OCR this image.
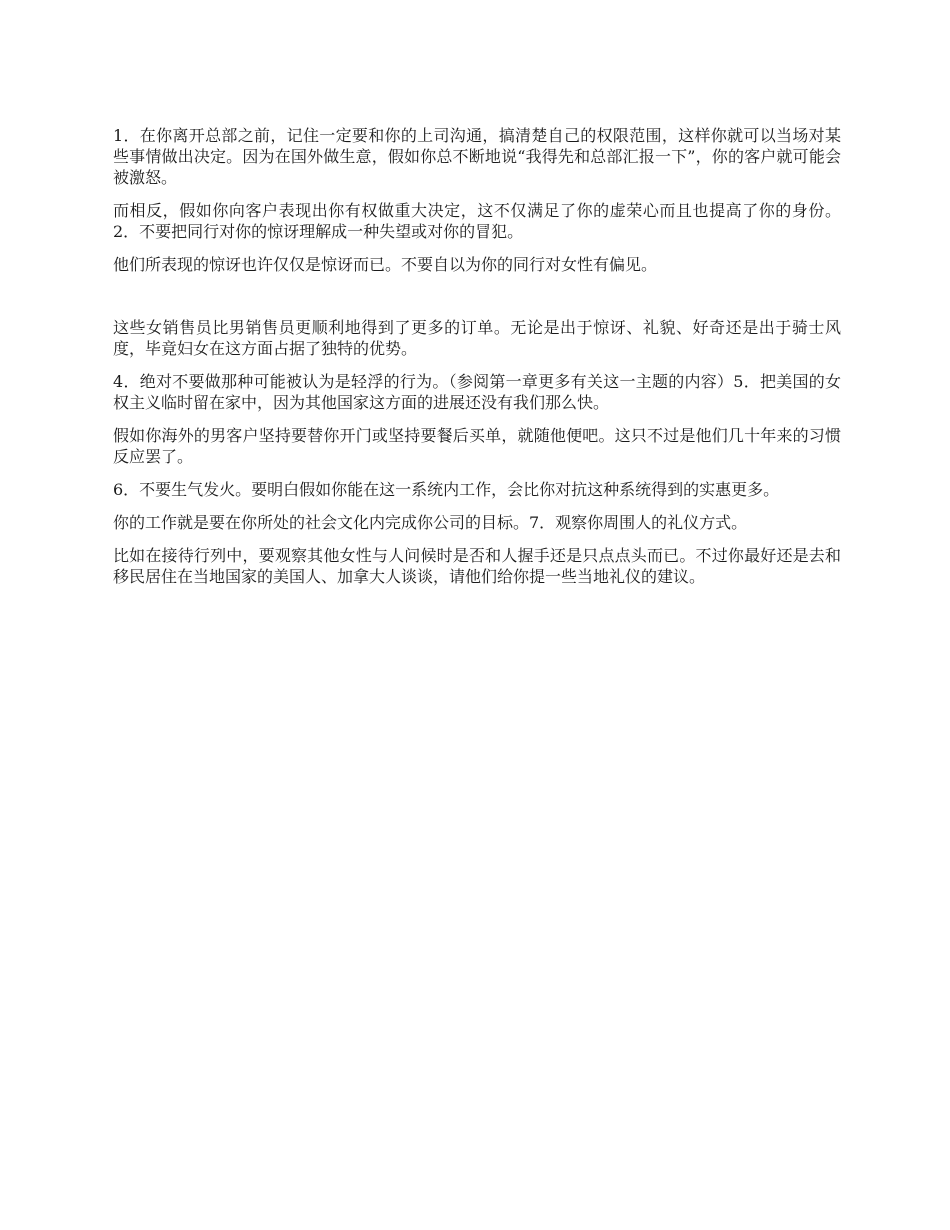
1．在你离开总部之前，记住一定要和你的上司沟通，搞清楚自己的权限范围，这样你就可以当场对某些事情做出决定。因为在国外做生意，假如你总不断地说“我得先和总部汇报一下”，你的客户就可能会被激怒。

而相反，假如你向客户表现出你有权做重大决定，这不仅满足了你的虚荣心而且也提高了你的身份。2．不要把同行对你的惊讶理解成一种失望或对你的冒犯。

他们所表现的惊讶也许仅仅是惊讶而已。不要自以为你的同行对女性有偏见。

这些女销售员比男销售员更顺利地得到了更多的订单。无论是出于惊讶、礼貌、好奇还是出于骑士风度，毕竟妇女在这方面占据了独特的优势。

4．绝对不要做那种可能被认为是轻浮的行为。（参阅第一章更多有关这一主题的内容）5．把美国的女权主义临时留在家中，因为其他国家这方面的进展还没有我们那么快。

假如你海外的男客户坚持要替你开门或坚持要餐后买单，就随他便吧。这只不过是他们几十年来的习惯反应罢了。

6．不要生气发火。要明白假如你能在这一系统内工作，会比你对抗这种系统得到的实惠更多。

你的工作就是要在你所处的社会文化内完成你公司的目标。7．观察你周围人的礼仪方式。

比如在接待行列中，要观察其他女性与人问候时是否和人握手还是只点点头而已。不过你最好还是去和移民居住在当地国家的美国人、加拿大人谈谈，请他们给你提一些当地礼仪的建议。
